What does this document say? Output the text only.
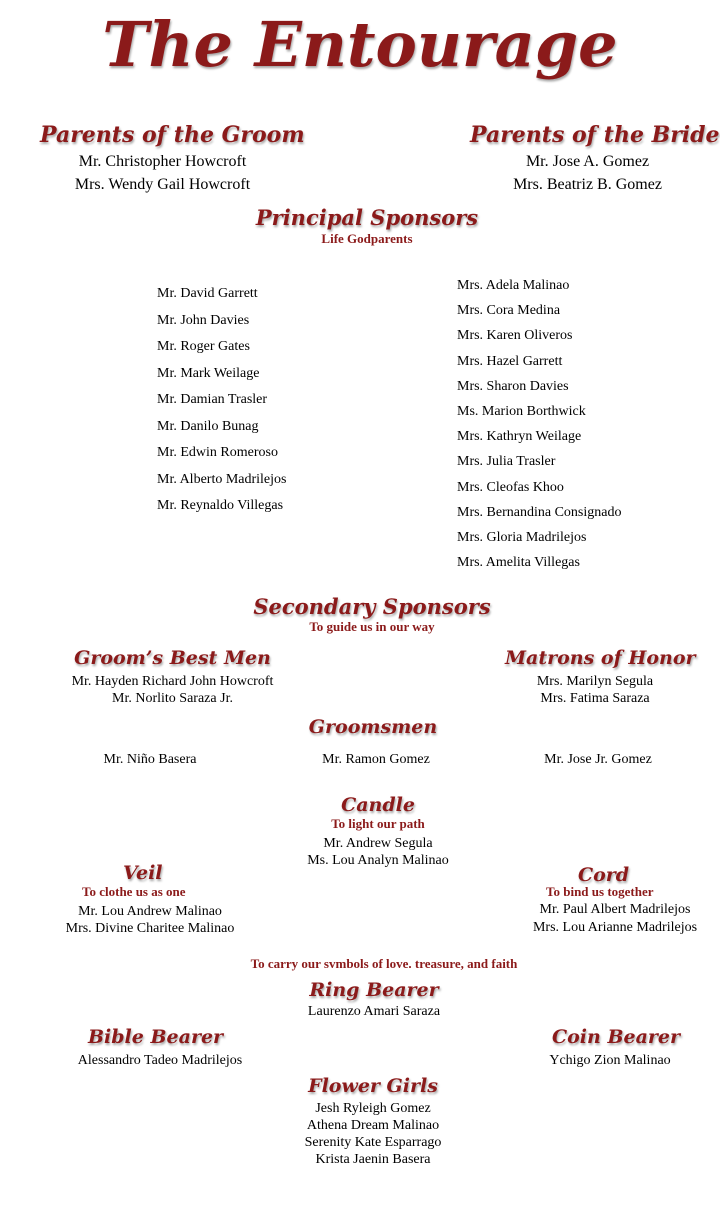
The Entourage
Parents of the Groom
Mr. Christopher Howcroft
Mrs. Wendy Gail Howcroft
Parents of the Bride
Mr. Jose A. Gomez
Mrs. Beatriz B. Gomez
Principal Sponsors
Life Godparents
Mr. David Garrett
Mr. John Davies
Mr. Roger Gates
Mr. Mark Weilage
Mr. Damian Trasler
Mr. Danilo Bunag
Mr. Edwin Romeroso
Mr. Alberto Madrilejos
Mr. Reynaldo Villegas
Mrs. Adela Malinao
Mrs. Cora Medina
Mrs. Karen Oliveros
Mrs. Hazel Garrett
Mrs. Sharon Davies
Ms. Marion Borthwick
Mrs. Kathryn Weilage
Mrs. Julia Trasler
Mrs. Cleofas Khoo
Mrs. Bernandina Consignado
Mrs. Gloria Madrilejos
Mrs. Amelita Villegas
Secondary Sponsors
To guide us in our way
Groom’s Best Men
Mr. Hayden Richard John Howcroft
Mr. Norlito Saraza Jr.
Matrons of Honor
Mrs. Marilyn Segula
Mrs. Fatima Saraza
Groomsmen
Mr. Niño Basera	Mr. Ramon Gomez	Mr. Jose Jr. Gomez
Candle
To light our path
Mr. Andrew Segula
Ms. Lou Analyn Malinao
Veil
To clothe us as one
Mr. Lou Andrew Malinao
Mrs. Divine Charitee Malinao
Cord
To bind us together
Mr. Paul Albert Madrilejos
Mrs. Lou Arianne Madrilejos
To carry our svmbols of love. treasure, and faith
Ring Bearer
Laurenzo Amari Saraza
Bible Bearer
Alessandro Tadeo Madrilejos
Coin Bearer
Ychigo Zion Malinao
Flower Girls
Jesh Ryleigh Gomez
Athena Dream Malinao
Serenity Kate Esparrago
Krista Jaenin Basera
